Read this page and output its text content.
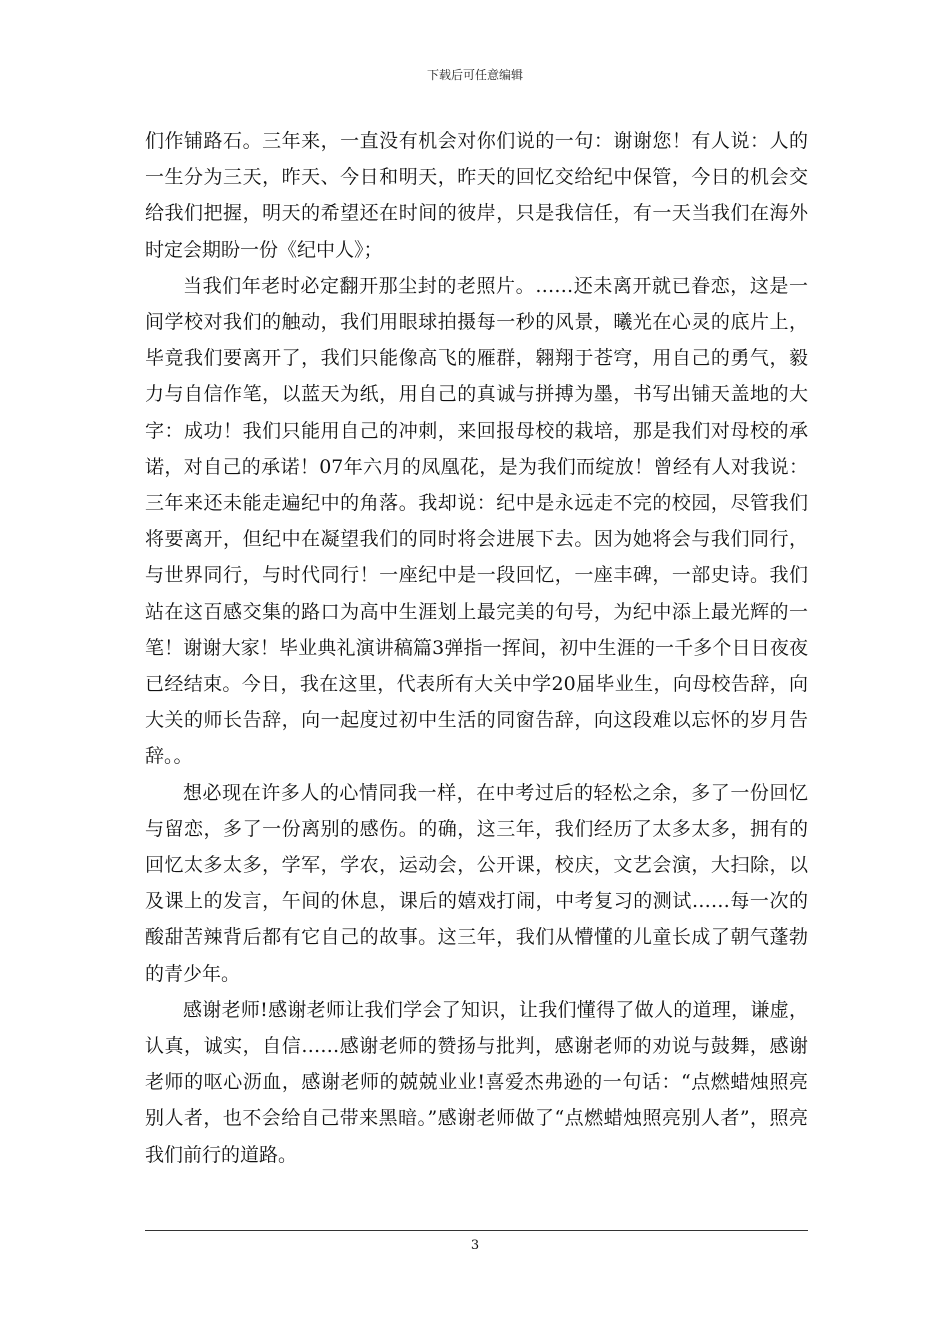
下载后可任意编辑

们作铺路石。三年来，一直没有机会对你们说的一句：谢谢您！有人说：人的一生分为三天，昨天、今日和明天，昨天的回忆交给纪中保管，今日的机会交给我们把握，明天的希望还在时间的彼岸，只是我信任，有一天当我们在海外时定会期盼一份《纪中人》；

当我们年老时必定翻开那尘封的老照片。……还未离开就已眷恋，这是一间学校对我们的触动，我们用眼球拍摄每一秒的风景，曦光在心灵的底片上，毕竟我们要离开了，我们只能像高飞的雁群，翱翔于苍穹，用自己的勇气，毅力与自信作笔，以蓝天为纸，用自己的真诚与拼搏为墨，书写出铺天盖地的大字：成功！我们只能用自己的冲刺，来回报母校的栽培，那是我们对母校的承诺，对自己的承诺！07年六月的凤凰花，是为我们而绽放！曾经有人对我说：三年来还未能走遍纪中的角落。我却说：纪中是永远走不完的校园，尽管我们将要离开，但纪中在凝望我们的同时将会进展下去。因为她将会与我们同行，与世界同行，与时代同行！一座纪中是一段回忆，一座丰碑，一部史诗。我们站在这百感交集的路口为高中生涯划上最完美的句号，为纪中添上最光辉的一笔！谢谢大家！毕业典礼演讲稿篇3弹指一挥间，初中生涯的一千多个日日夜夜已经结束。今日，我在这里，代表所有大关中学20届毕业生，向母校告辞，向大关的师长告辞，向一起度过初中生活的同窗告辞，向这段难以忘怀的岁月告辞。。

想必现在许多人的心情同我一样，在中考过后的轻松之余，多了一份回忆与留恋，多了一份离别的感伤。的确，这三年，我们经历了太多太多，拥有的回忆太多太多，学军，学农，运动会，公开课，校庆，文艺会演，大扫除，以及课上的发言，午间的休息，课后的嬉戏打闹，中考复习的测试……每一次的酸甜苦辣背后都有它自己的故事。这三年，我们从懵懂的儿童长成了朝气蓬勃的青少年。

感谢老师!感谢老师让我们学会了知识，让我们懂得了做人的道理，谦虚，认真，诚实，自信……感谢老师的赞扬与批判，感谢老师的劝说与鼓舞，感谢老师的呕心沥血，感谢老师的兢兢业业!喜爱杰弗逊的一句话：“点燃蜡烛照亮别人者，也不会给自己带来黑暗。”感谢老师做了“点燃蜡烛照亮别人者”，照亮我们前行的道路。

3
